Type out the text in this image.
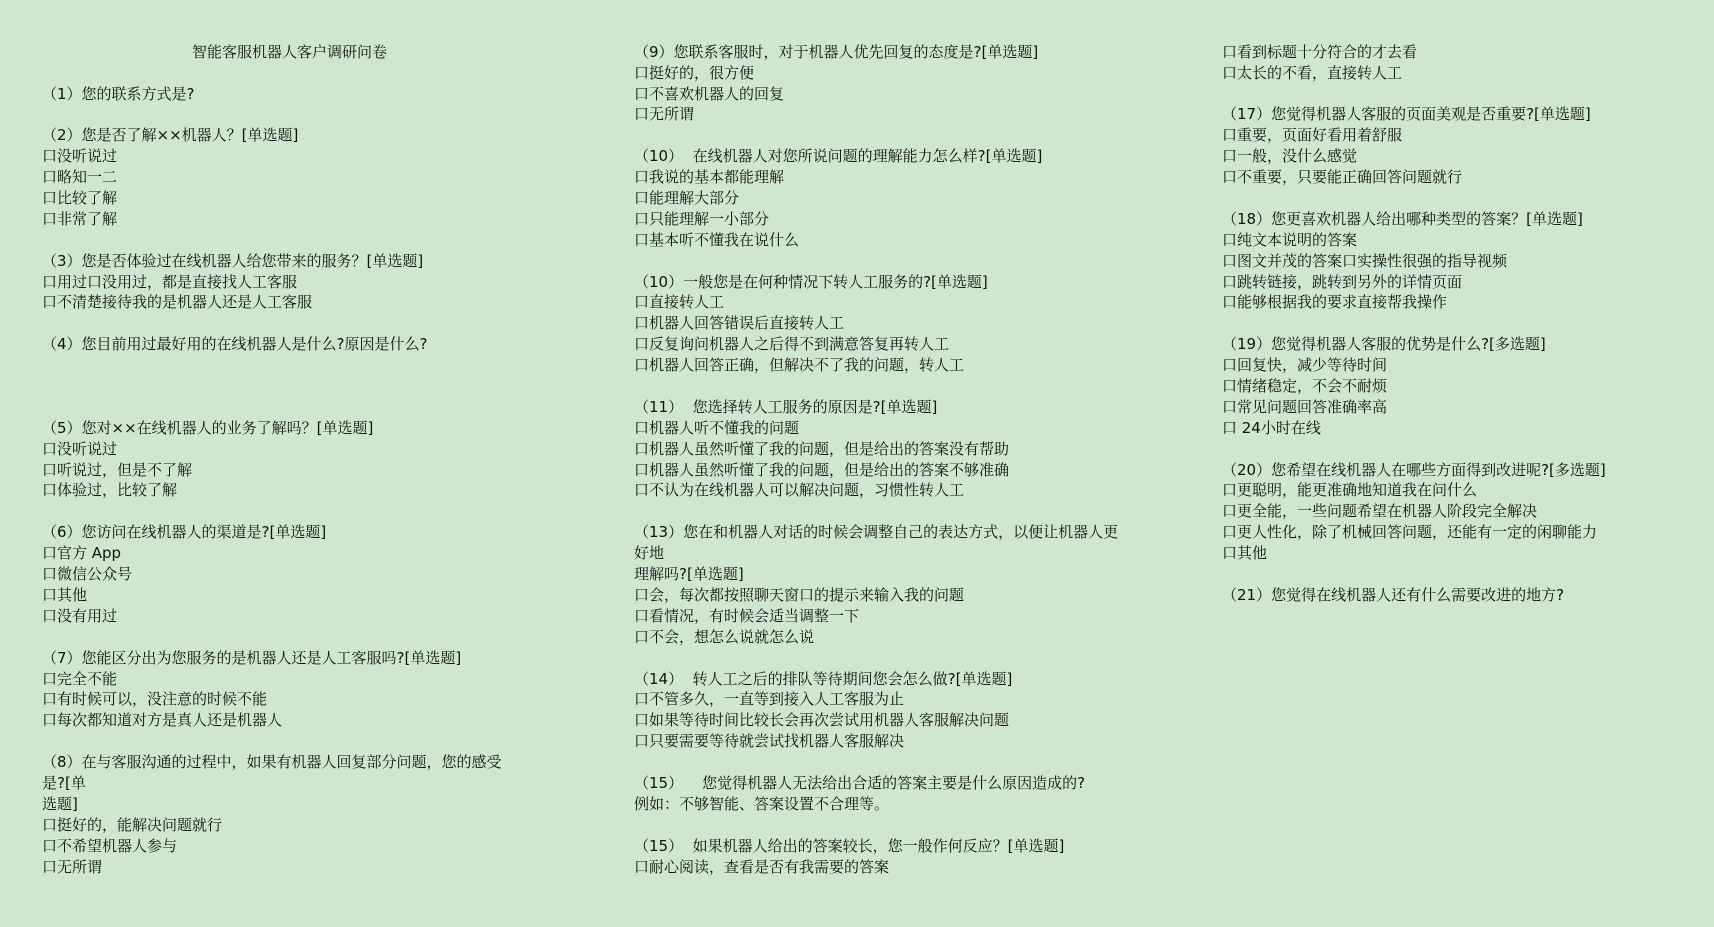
智能客服机器人客户调研问卷
（1）您的联系方式是?
（2）您是否了解××机器人？[单选题]
口没听说过
口略知一二
口比较了解
口非常了解
（3）您是否体验过在线机器人给您带来的服务？[单选题]
口用过口没用过，都是直接找人工客服
口不清楚接待我的是机器人还是人工客服
（4）您目前用过最好用的在线机器人是什么?原因是什么?
（5）您对××在线机器人的业务了解吗？[单选题]
口没听说过
口听说过，但是不了解
口体验过，比较了解
（6）您访问在线机器人的渠道是?[单选题]
口官方 App
口微信公众号
口其他
口没有用过
（7）您能区分出为您服务的是机器人还是人工客服吗?[单选题]
口完全不能
口有时候可以，没注意的时候不能
口每次都知道对方是真人还是机器人
（8）在与客服沟通的过程中，如果有机器人回复部分问题，您的感受
是?[单
选题]
口挺好的，能解决问题就行
口不希望机器人参与
口无所谓
（9）您联系客服时，对于机器人优先回复的态度是?[单选题]
口挺好的，很方便
口不喜欢机器人的回复
口无所谓
（10）  在线机器人对您所说问题的理解能力怎么样?[单选题]
口我说的基本都能理解
口能理解大部分
口只能理解一小部分
口基本听不懂我在说什么
（10）一般您是在何种情况下转人工服务的?[单选题]
口直接转人工
口机器人回答错误后直接转人工
口反复询问机器人之后得不到满意答复再转人工
口机器人回答正确，但解决不了我的问题，转人工
（11）  您选择转人工服务的原因是?[单选题]
口机器人听不懂我的问题
口机器人虽然听懂了我的问题，但是给出的答案没有帮助
口机器人虽然听懂了我的问题，但是给出的答案不够准确
口不认为在线机器人可以解决问题，习惯性转人工
（13）您在和机器人对话的时候会调整自己的表达方式，以便让机器人更
好地
理解吗?[单选题]
口会，每次都按照聊天窗口的提示来输入我的问题
口看情况，有时候会适当调整一下
口不会，想怎么说就怎么说
（14）  转人工之后的排队等待期间您会怎么做?[单选题]
口不管多久，一直等到接入人工客服为止
口如果等待时间比较长会再次尝试用机器人客服解决问题
口只要需要等待就尝试找机器人客服解决
（15）    您觉得机器人无法给出合适的答案主要是什么原因造成的?
例如：不够智能、答案设置不合理等。
（15）  如果机器人给出的答案较长，您一般作何反应？[单选题]
口耐心阅读，查看是否有我需要的答案
口看到标题十分符合的才去看
口太长的不看，直接转人工
（17）您觉得机器人客服的页面美观是否重要?[单选题]
口重要，页面好看用着舒服
口一般，没什么感觉
口不重要，只要能正确回答问题就行
（18）您更喜欢机器人给出哪种类型的答案？[单选题]
口纯文本说明的答案
口图文并茂的答案口实操性很强的指导视频
口跳转链接，跳转到另外的详情页面
口能够根据我的要求直接帮我操作
（19）您觉得机器人客服的优势是什么?[多选题]
口回复快，减少等待时间
口情绪稳定，不会不耐烦
口常见问题回答准确率高
口 24小时在线
（20）您希望在线机器人在哪些方面得到改进呢?[多选题]
口更聪明，能更准确地知道我在问什么
口更全能，一些问题希望在机器人阶段完全解决
口更人性化，除了机械回答问题，还能有一定的闲聊能力
口其他
（21）您觉得在线机器人还有什么需要改进的地方?
